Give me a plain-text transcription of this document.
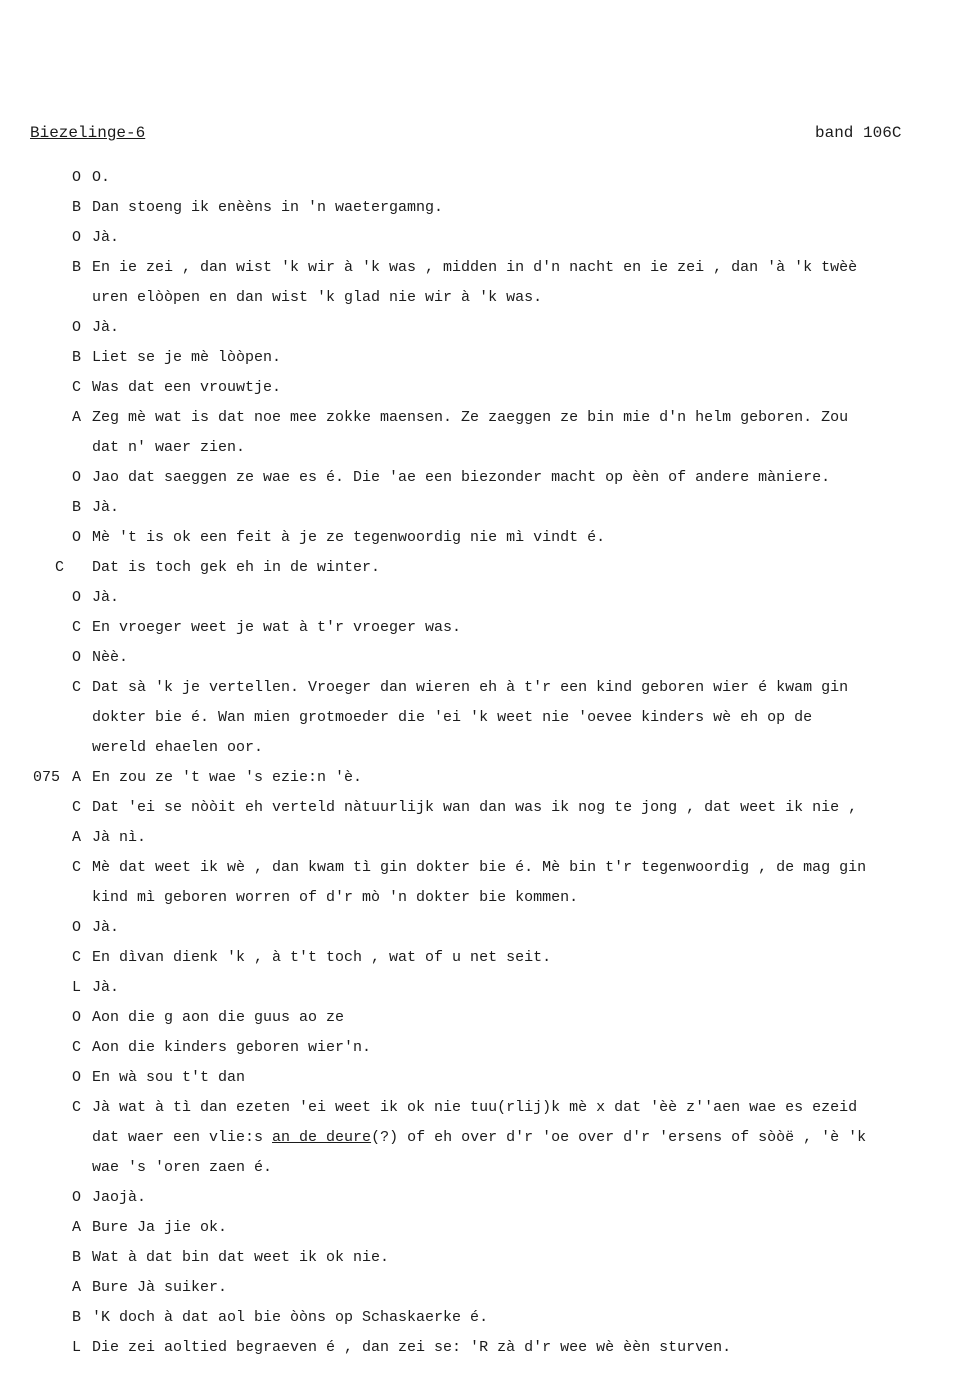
Biezelinge-6	band 106C
O O.
B Dan stoeng ik enèèns in 'n waetergamng.
O Jà.
B En ie zei , dan wist 'k wir à 'k was , midden in d'n nacht en ie zei , dan 'à 'k twèè
uren elòòpen en dan wist 'k glad nie wir à 'k was.
O Jà.
B Liet se je mè lòòpen.
C Was dat een vrouwtje.
A Zeg mè wat is dat noe mee zokke maensen. Ze zaeggen ze bin mie d'n helm geboren. Zou
dat n' waer zien.
O Jao dat saeggen ze wae es é. Die 'ae een biezonder macht op èèn of andere màniere.
B Jà.
O Mè 't is ok een feit à je ze tegenwoordig nie mì vindt é.
C Dat is toch gek eh in de winter.
O Jà.
C En vroeger weet je wat à t'r vroeger was.
O Nèè.
C Dat sà 'k je vertellen. Vroeger dan wieren eh à t'r een kind geboren wier é kwam gin
dokter bie é. Wan mien grotmoeder die 'ei 'k weet nie 'oevee kinders wè eh op de
wereld ehaelen oor.
075 A En zou ze 't wae 's ezie:n 'è.
C Dat 'ei se nòòit eh verteld nàtuurlijk wan dan was ik nog te jong , dat weet ik nie ,
A Jà nì.
C Mè dat weet ik wè , dan kwam tì gin dokter bie é. Mè bin t'r tegenwoordig , de mag gin
kind mì geboren worren of d'r mò 'n dokter bie kommen.
O Jà.
C En dìvan dienk 'k , à t't toch , wat of u net seit.
L Jà.
O Aon die g aon die guus ao ze
C Aon die kinders geboren wier'n.
O En wà sou t't dan
C Jà wat à tì dan ezeten 'ei weet ik ok nie tuu(rlij)k mè x dat 'èè z''aen wae es ezeid
dat waer een vlie:s an de deure(?) of eh over d'r 'oe over d'r 'ersens of sòòë , 'è 'k
wae 's 'oren zaen é.
O Jaojà.
A Bure Ja jie ok.
B Wat à dat bin dat weet ik ok nie.
A Bure Jà suiker.
B 'K doch à dat aol bie òòns op Schaskaerke é.
L Die zei aoltied begraeven é , dan zei se: 'R zà d'r wee wè èèn sturven.
